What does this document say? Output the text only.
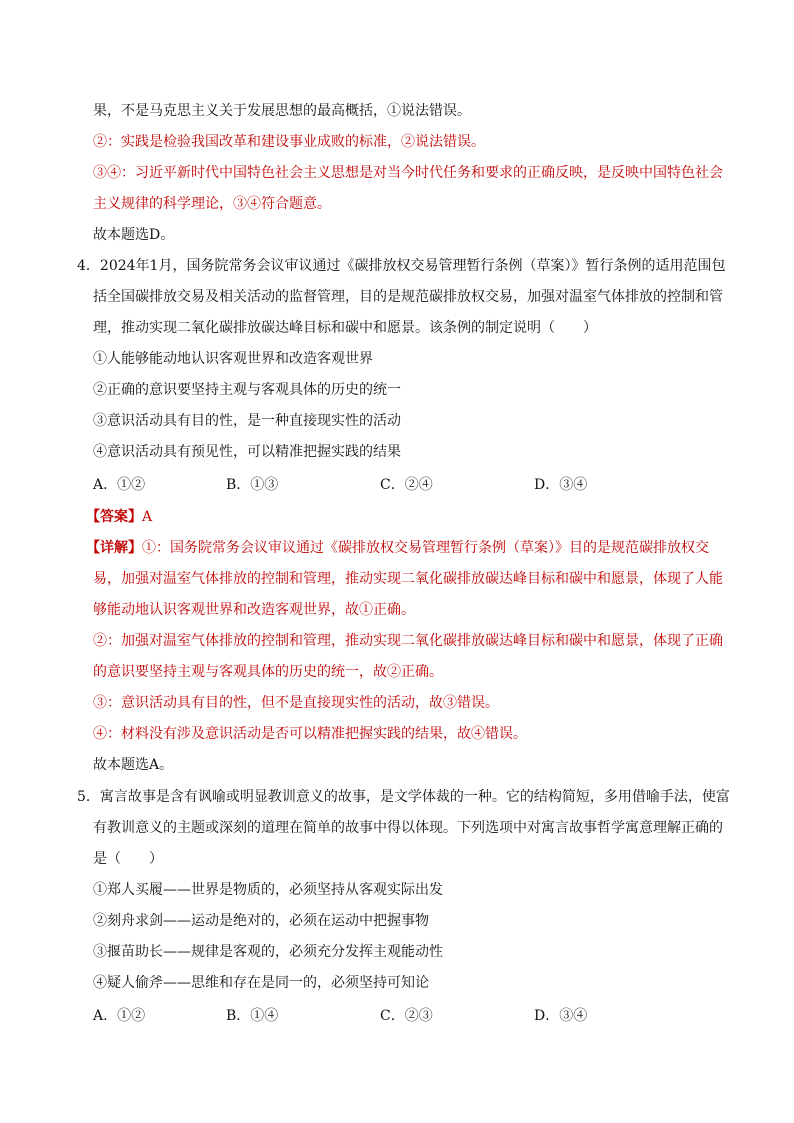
果，不是马克思主义关于发展思想的最高概括，①说法错误。
②：实践是检验我国改革和建设事业成败的标准，②说法错误。
③④：习近平新时代中国特色社会主义思想是对当今时代任务和要求的正确反映，是反映中国特色社会
主义规律的科学理论，③④符合题意。
故本题选D。
4．2024年1月，国务院常务会议审议通过《碳排放权交易管理暂行条例（草案）》暂行条例的适用范围包
括全国碳排放交易及相关活动的监督管理，目的是规范碳排放权交易，加强对温室气体排放的控制和管
理，推动实现二氧化碳排放碳达峰目标和碳中和愿景。该条例的制定说明（　　）
①人能够能动地认识客观世界和改造客观世界
②正确的意识要坚持主观与客观具体的历史的统一
③意识活动具有目的性，是一种直接现实性的活动
④意识活动具有预见性，可以精准把握实践的结果
A．①②	B．①③	C．②④	D．③④
【答案】A
【详解】①：国务院常务会议审议通过《碳排放权交易管理暂行条例（草案）》目的是规范碳排放权交
易，加强对温室气体排放的控制和管理，推动实现二氧化碳排放碳达峰目标和碳中和愿景，体现了人能
够能动地认识客观世界和改造客观世界，故①正确。
②：加强对温室气体排放的控制和管理，推动实现二氧化碳排放碳达峰目标和碳中和愿景，体现了正确
的意识要坚持主观与客观具体的历史的统一，故②正确。
③：意识活动具有目的性，但不是直接现实性的活动，故③错误。
④：材料没有涉及意识活动是否可以精准把握实践的结果，故④错误。
故本题选A。
5．寓言故事是含有讽喻或明显教训意义的故事，是文学体裁的一种。它的结构简短，多用借喻手法，使富
有教训意义的主题或深刻的道理在简单的故事中得以体现。下列选项中对寓言故事哲学寓意理解正确的
是（　　）
①郑人买履——世界是物质的，必须坚持从客观实际出发
②刻舟求剑——运动是绝对的，必须在运动中把握事物
③揠苗助长——规律是客观的，必须充分发挥主观能动性
④疑人偷斧——思维和存在是同一的，必须坚持可知论
A．①②	B．①④	C．②③	D．③④
